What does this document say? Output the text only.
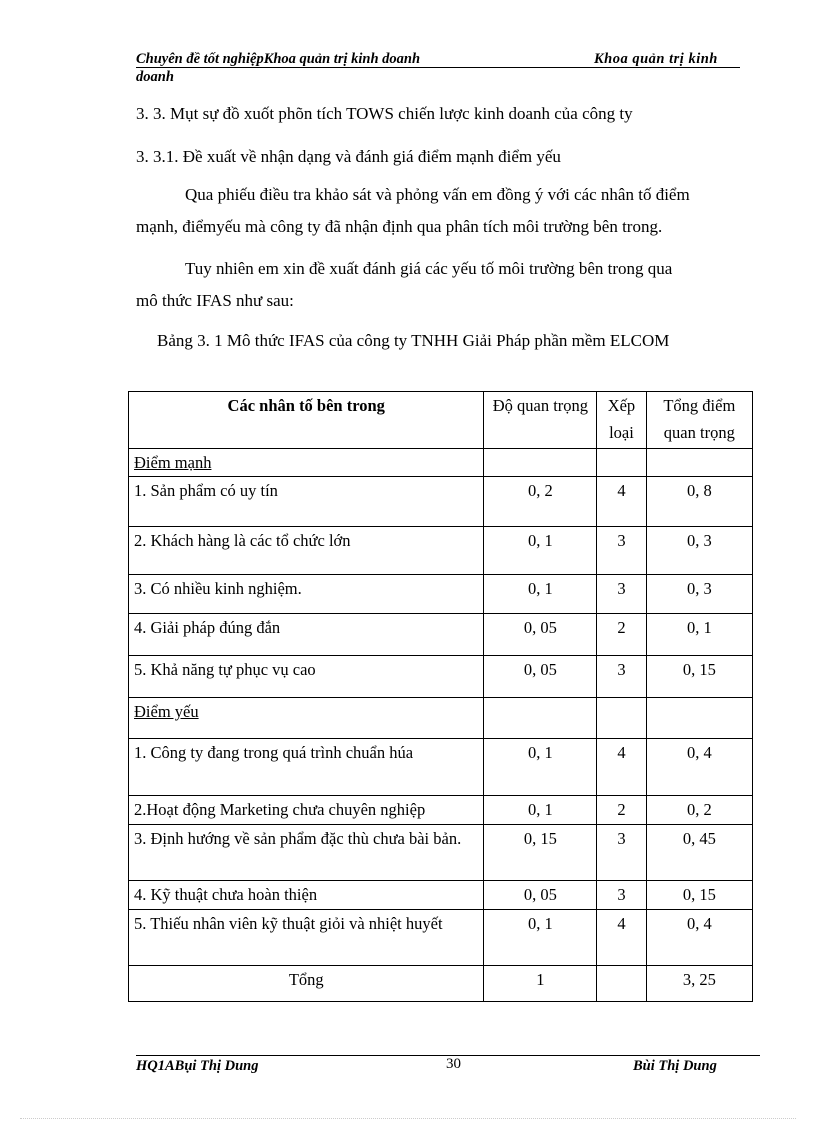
Chuyên đề tốt nghiệpKhoa quản trị kinh doanh	Khoa quản trị kinh
doanh
3. 3. Mụt sự đồ xuốt phõn tích TOWS chiến lược kinh doanh của công ty
3. 3.1. Đề xuất về nhận dạng và đánh giá điểm mạnh điểm yếu
Qua phiếu điều tra khảo sát và phỏng vấn em đồng ý với các nhân tố điểm
mạnh, điểmyếu mà công ty đã nhận định qua phân tích môi trường bên trong.
Tuy nhiên em xin đề xuất đánh giá các yếu tố môi trường bên trong qua
mô thức IFAS như sau:
Bảng 3. 1 Mô thức IFAS của công ty TNHH Giải Pháp phần mềm ELCOM
Các nhân tố bên trong	Độ quan trọng	Xếp loại	Tổng điểm quan trọng
Điểm mạnh			
1. Sản phẩm có uy tín	0, 2	4	0, 8
2. Khách hàng là các tổ chức lớn	0, 1	3	0, 3
3. Có nhiều kinh nghiệm.	0, 1	3	0, 3
4. Giải pháp đúng đắn	0, 05	2	0, 1
5. Khả năng tự phục vụ cao	0, 05	3	0, 15
Điểm yếu			
1. Công ty đang trong quá trình chuẩn húa	0, 1	4	0, 4
2.Hoạt động Marketing chưa chuyên nghiệp	0, 1	2	0, 2
3. Định hướng về sản phẩm đặc thù chưa bài bản.	0, 15	3	0, 45
4. Kỹ thuật chưa hoàn thiện	0, 05	3	0, 15
5. Thiếu nhân viên kỹ thuật giỏi và nhiệt huyết	0, 1	4	0, 4
Tổng	1		3, 25
HQ1ABụi Thị Dung	30	Bùi Thị Dung
